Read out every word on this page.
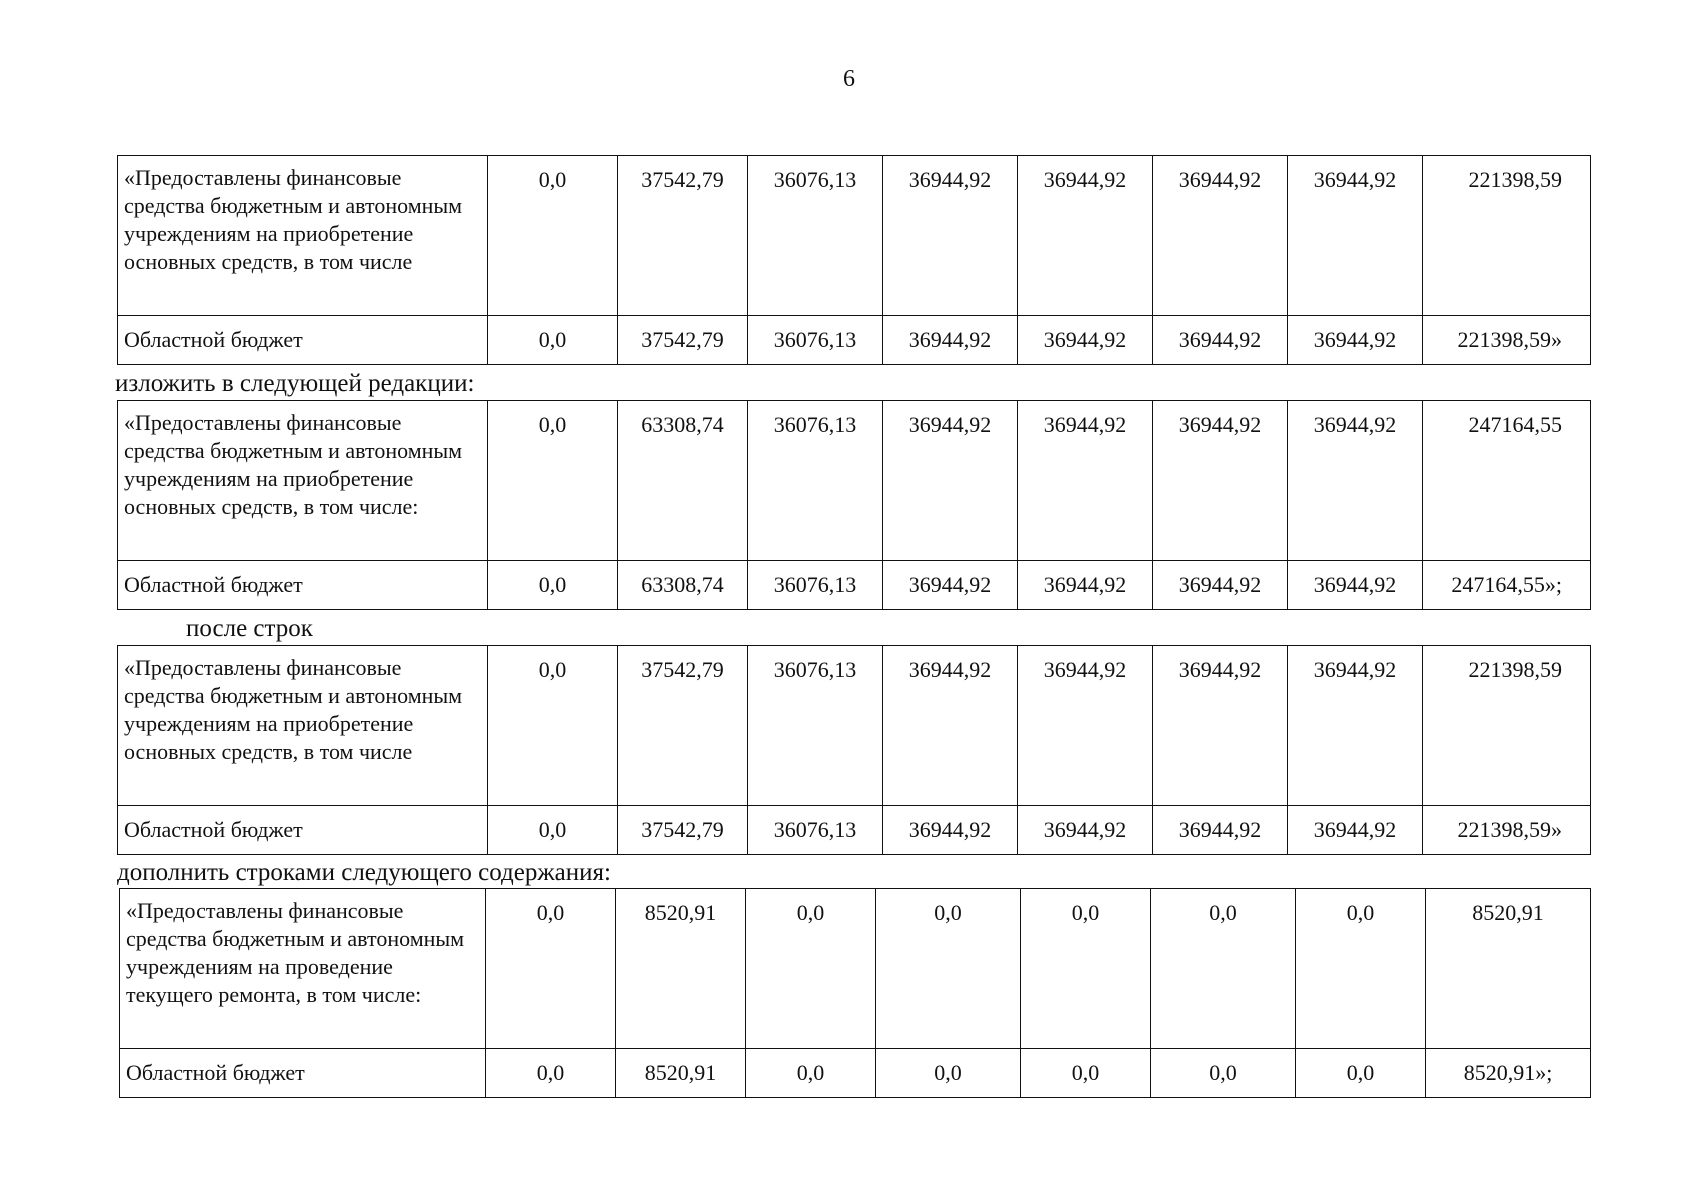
6
«Предоставлены финансовые средства бюджетным и автономным учреждениям на приобретение основных средств, в том числе	0,0	37542,79	36076,13	36944,92	36944,92	36944,92	36944,92	221398,59
Областной бюджет	0,0	37542,79	36076,13	36944,92	36944,92	36944,92	36944,92	221398,59»
изложить в следующей редакции:
«Предоставлены финансовые средства бюджетным и автономным учреждениям на приобретение основных средств, в том числе:	0,0	63308,74	36076,13	36944,92	36944,92	36944,92	36944,92	247164,55
Областной бюджет	0,0	63308,74	36076,13	36944,92	36944,92	36944,92	36944,92	247164,55»;
после строк
«Предоставлены финансовые средства бюджетным и автономным учреждениям на приобретение основных средств, в том числе	0,0	37542,79	36076,13	36944,92	36944,92	36944,92	36944,92	221398,59
Областной бюджет	0,0	37542,79	36076,13	36944,92	36944,92	36944,92	36944,92	221398,59»
дополнить строками следующего содержания:
«Предоставлены финансовые средства бюджетным и автономным учреждениям на проведение текущего ремонта, в том числе:	0,0	8520,91	0,0	0,0	0,0	0,0	0,0	8520,91
Областной бюджет	0,0	8520,91	0,0	0,0	0,0	0,0	0,0	8520,91»;
